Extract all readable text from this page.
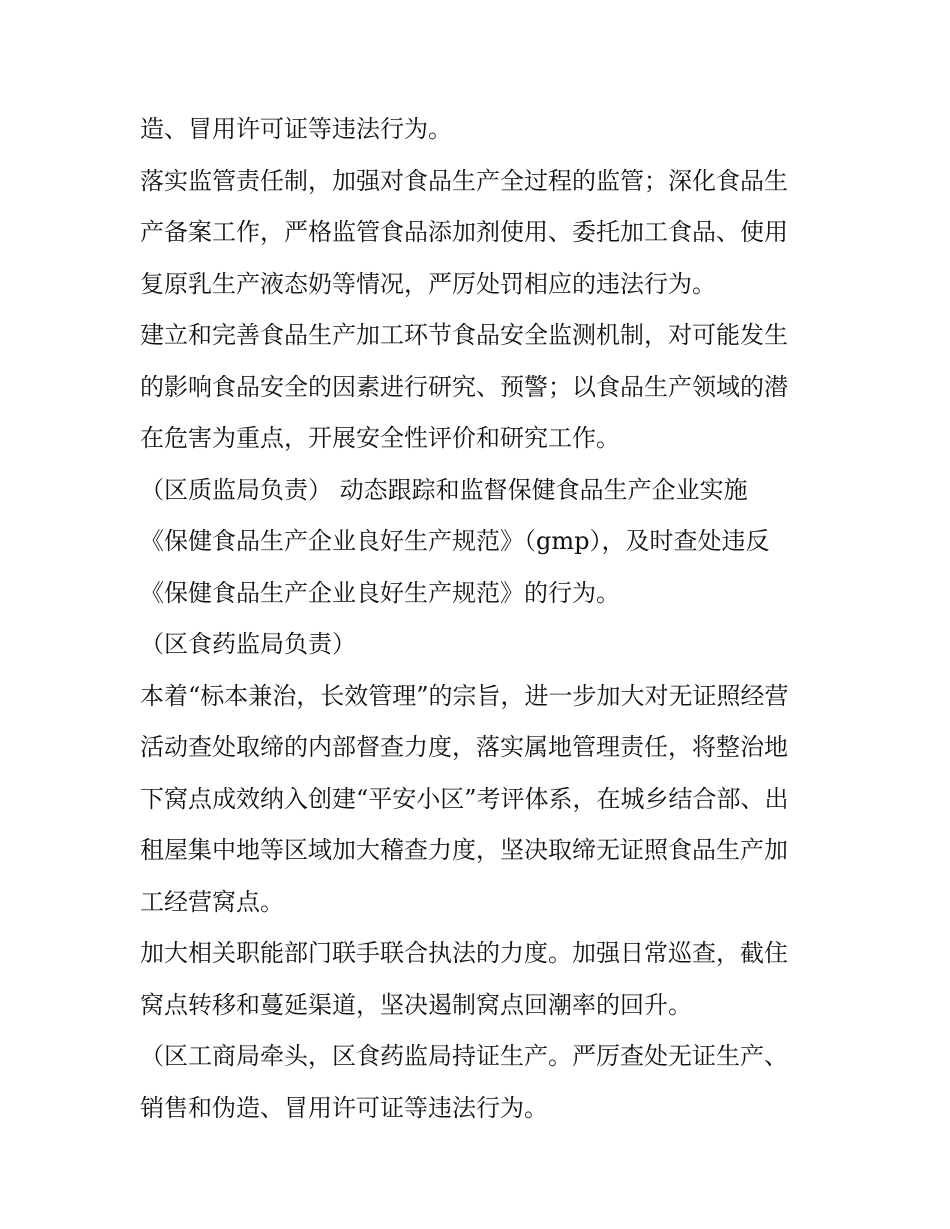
造、冒用许可证等违法行为。
落实监管责任制，加强对食品生产全过程的监管；深化食品生
产备案工作，严格监管食品添加剂使用、委托加工食品、使用
复原乳生产液态奶等情况，严厉处罚相应的违法行为。
建立和完善食品生产加工环节食品安全监测机制，对可能发生
的影响食品安全的因素进行研究、预警；以食品生产领域的潜
在危害为重点，开展安全性评价和研究工作。
（区质监局负责） 动态跟踪和监督保健食品生产企业实施
《保健食品生产企业良好生产规范》（gmp），及时查处违反
《保健食品生产企业良好生产规范》的行为。
（区食药监局负责）
本着“标本兼治，长效管理”的宗旨，进一步加大对无证照经营
活动查处取缔的内部督查力度，落实属地管理责任，将整治地
下窝点成效纳入创建“平安小区”考评体系，在城乡结合部、出
租屋集中地等区域加大稽查力度，坚决取缔无证照食品生产加
工经营窝点。
加大相关职能部门联手联合执法的力度。加强日常巡查，截住
窝点转移和蔓延渠道，坚决遏制窝点回潮率的回升。
（区工商局牵头，区食药监局持证生产。严厉查处无证生产、
销售和伪造、冒用许可证等违法行为。
